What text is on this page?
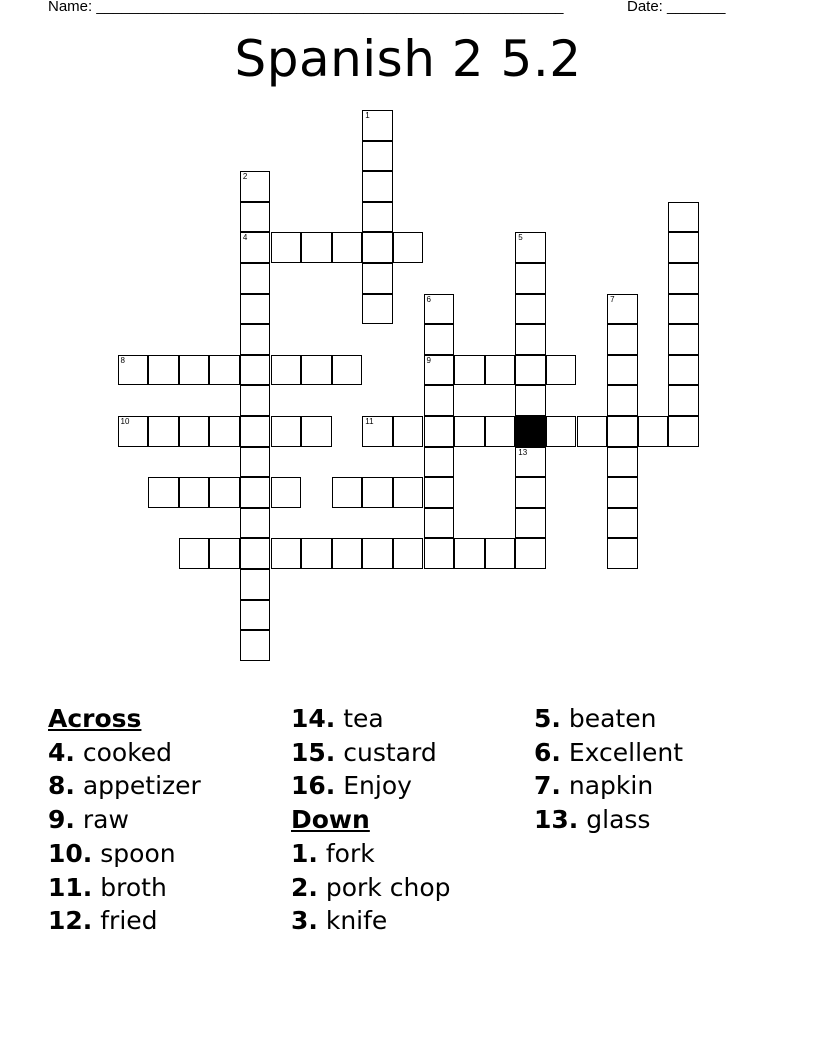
Name: ________________________________________________________	Date: _______
Spanish 2 5.2
1
2
4	5
13
6
9
7
8
10	11
Across
4. cooked
8. appetizer
9. raw
10. spoon
11. broth
12. fried
14. tea
15. custard
16. Enjoy
Down
1. fork
2. pork chop
3. knife
5. beaten
6. Excellent
7. napkin
13. glass
